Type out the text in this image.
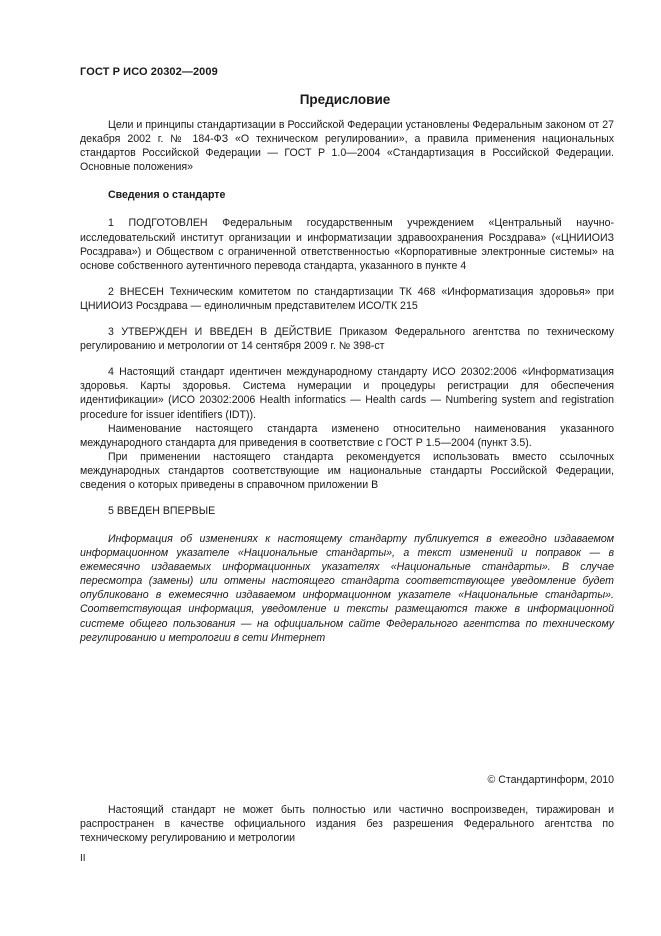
ГОСТ Р ИСО 20302—2009
Предисловие

Цели и принципы стандартизации в Российской Федерации установлены Федеральным законом от 27 декабря 2002 г. № 184-ФЗ «О техническом регулировании», а правила применения национальных стандартов Российской Федерации — ГОСТ Р 1.0—2004 «Стандартизация в Российской Федерации. Основные положения»

Сведения о стандарте

1 ПОДГОТОВЛЕН Федеральным государственным учреждением «Центральный научно-исследовательский институт организации и информатизации здравоохранения Росздрава» («ЦНИИОИЗ Росздрава») и Обществом с ограниченной ответственностью «Корпоративные электронные системы» на основе собственного аутентичного перевода стандарта, указанного в пункте 4

2 ВНЕСЕН Техническим комитетом по стандартизации ТК 468 «Информатизация здоровья» при ЦНИИОИЗ Росздрава — единоличным представителем ИСО/ТК 215

3 УТВЕРЖДЕН И ВВЕДЕН В ДЕЙСТВИЕ Приказом Федерального агентства по техническому регулированию и метрологии от 14 сентября 2009 г. № 398-ст

4 Настоящий стандарт идентичен международному стандарту ИСО 20302:2006 «Информатизация здоровья. Карты здоровья. Система нумерации и процедуры регистрации для обеспечения идентификации» (ИСО 20302:2006 Health informatics — Health cards — Numbering system and registration procedure for issuer identifiers (IDT)).

Наименование настоящего стандарта изменено относительно наименования указанного международного стандарта для приведения в соответствие с ГОСТ Р 1.5—2004 (пункт 3.5).

При применении настоящего стандарта рекомендуется использовать вместо ссылочных международных стандартов соответствующие им национальные стандарты Российской Федерации, сведения о которых приведены в справочном приложении В

5 ВВЕДЕН ВПЕРВЫЕ

Информация об изменениях к настоящему стандарту публикуется в ежегодно издаваемом информационном указателе «Национальные стандарты», а текст изменений и поправок — в ежемесячно издаваемых информационных указателях «Национальные стандарты». В случае пересмотра (замены) или отмены настоящего стандарта соответствующее уведомление будет опубликовано в ежемесячно издаваемом информационном указателе «Национальные стандарты». Соответствующая информация, уведомление и тексты размещаются также в информационной системе общего пользования — на официальном сайте Федерального агентства по техническому регулированию и метрологии в сети Интернет

© Стандартинформ, 2010

Настоящий стандарт не может быть полностью или частично воспроизведен, тиражирован и распространен в качестве официального издания без разрешения Федерального агентства по техническому регулированию и метрологии

II
